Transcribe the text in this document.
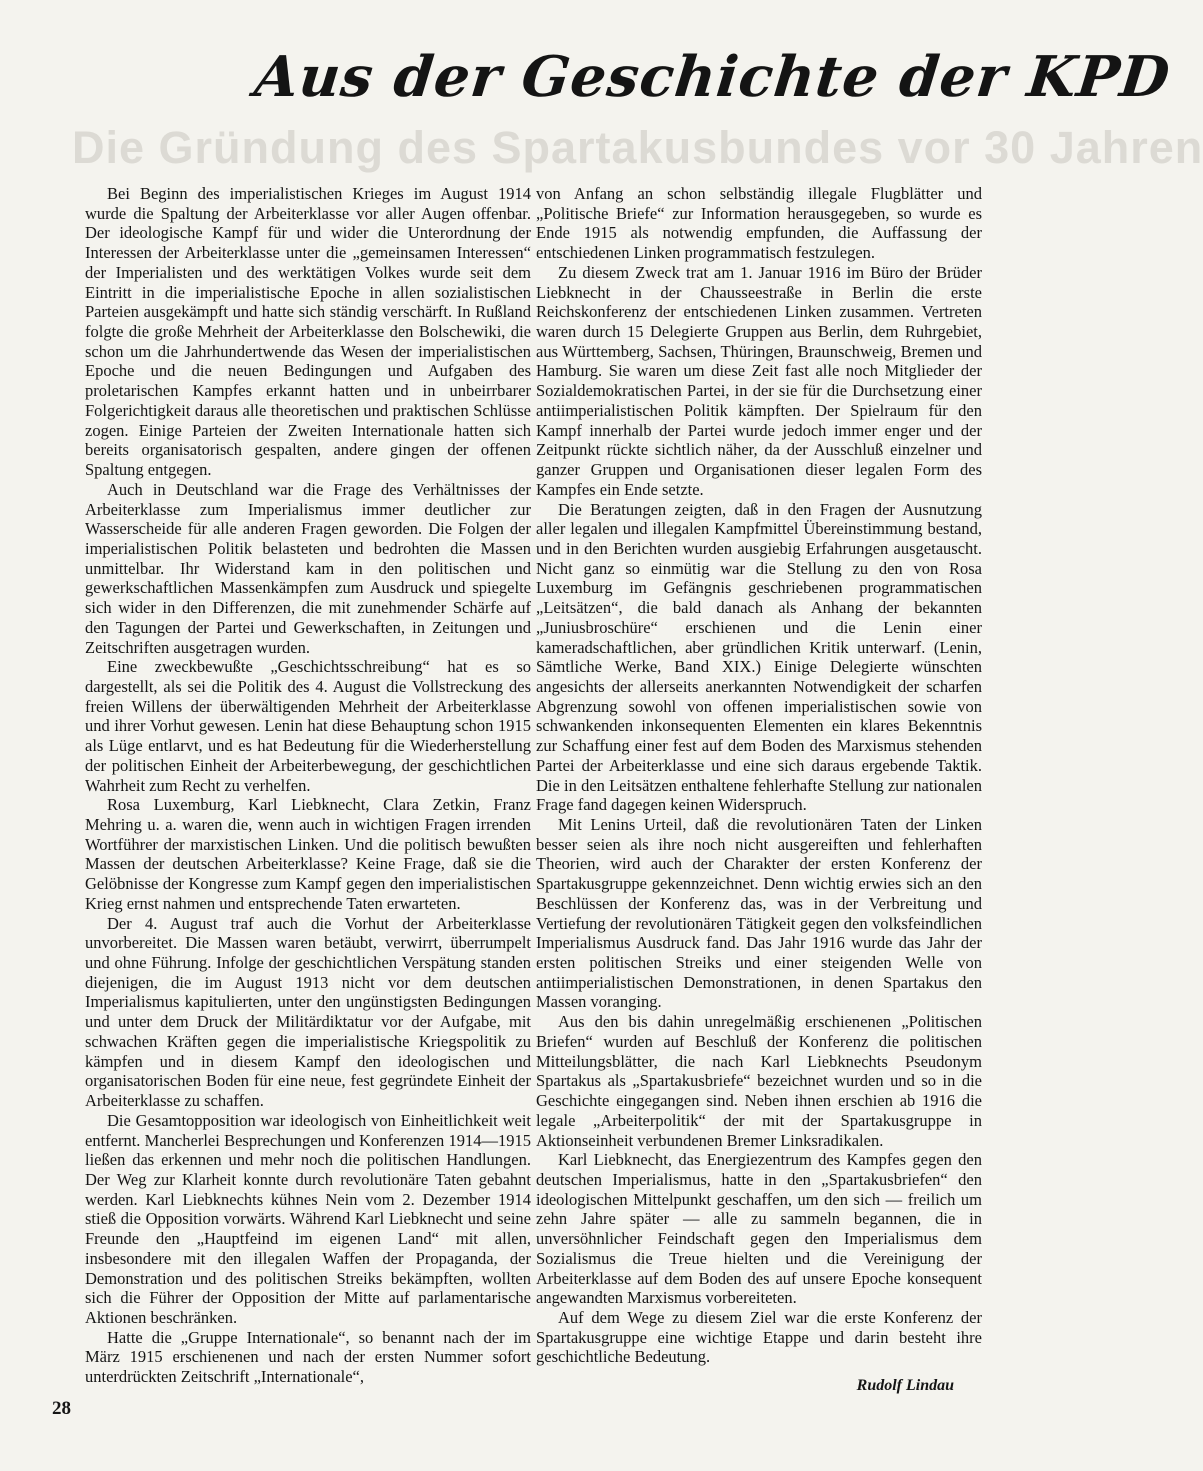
Aus der Geschichte der KPD
Die Gründung des Spartakusbundes vor 30 Jahren

Bei Beginn des imperialistischen Krieges im August 1914 wurde die Spaltung der Arbeiterklasse vor aller Augen offenbar. Der ideologische Kampf für und wider die Unterordnung der Interessen der Arbeiterklasse unter die „gemeinsamen Interessen“ der Imperialisten und des werktätigen Volkes wurde seit dem Eintritt in die imperialistische Epoche in allen sozialistischen Parteien ausgekämpft und hatte sich ständig verschärft. In Rußland folgte die große Mehrheit der Arbeiterklasse den Bolschewiki, die schon um die Jahrhundertwende das Wesen der imperialistischen Epoche und die neuen Bedingungen und Aufgaben des proletarischen Kampfes erkannt hatten und in unbeirrbarer Folgerichtigkeit daraus alle theoretischen und praktischen Schlüsse zogen. Einige Parteien der Zweiten Internationale hatten sich bereits organisatorisch gespalten, andere gingen der offenen Spaltung entgegen.

Auch in Deutschland war die Frage des Verhältnisses der Arbeiterklasse zum Imperialismus immer deutlicher zur Wasserscheide für alle anderen Fragen geworden. Die Folgen der imperialistischen Politik belasteten und bedrohten die Massen unmittelbar. Ihr Widerstand kam in den politischen und gewerkschaftlichen Massenkämpfen zum Ausdruck und spiegelte sich wider in den Differenzen, die mit zunehmender Schärfe auf den Tagungen der Partei und Gewerkschaften, in Zeitungen und Zeitschriften ausgetragen wurden.

Eine zweckbewußte „Geschichtsschreibung“ hat es so dargestellt, als sei die Politik des 4. August die Vollstreckung des freien Willens der überwältigenden Mehrheit der Arbeiterklasse und ihrer Vorhut gewesen. Lenin hat diese Behauptung schon 1915 als Lüge entlarvt, und es hat Bedeutung für die Wiederherstellung der politischen Einheit der Arbeiterbewegung, der geschichtlichen Wahrheit zum Recht zu verhelfen.

Rosa Luxemburg, Karl Liebknecht, Clara Zetkin, Franz Mehring u. a. waren die, wenn auch in wichtigen Fragen irrenden Wortführer der marxistischen Linken. Und die politisch bewußten Massen der deutschen Arbeiterklasse? Keine Frage, daß sie die Gelöbnisse der Kongresse zum Kampf gegen den imperialistischen Krieg ernst nahmen und entsprechende Taten erwarteten.

Der 4. August traf auch die Vorhut der Arbeiterklasse unvorbereitet. Die Massen waren betäubt, verwirrt, überrumpelt und ohne Führung. Infolge der geschichtlichen Verspätung standen diejenigen, die im August 1913 nicht vor dem deutschen Imperialismus kapitulierten, unter den ungünstigsten Bedingungen und unter dem Druck der Militärdiktatur vor der Aufgabe, mit schwachen Kräften gegen die imperialistische Kriegspolitik zu kämpfen und in diesem Kampf den ideologischen und organisatorischen Boden für eine neue, fest gegründete Einheit der Arbeiterklasse zu schaffen.

Die Gesamtopposition war ideologisch von Einheitlichkeit weit entfernt. Mancherlei Besprechungen und Konferenzen 1914—1915 ließen das erkennen und mehr noch die politischen Handlungen. Der Weg zur Klarheit konnte durch revolutionäre Taten gebahnt werden. Karl Liebknechts kühnes Nein vom 2. Dezember 1914 stieß die Opposition vorwärts. Während Karl Liebknecht und seine Freunde den „Hauptfeind im eigenen Land“ mit allen, insbesondere mit den illegalen Waffen der Propaganda, der Demonstration und des politischen Streiks bekämpften, wollten sich die Führer der Opposition der Mitte auf parlamentarische Aktionen beschränken.

Hatte die „Gruppe Internationale“, so benannt nach der im März 1915 erschienenen und nach der ersten Nummer sofort unterdrückten Zeitschrift „Internationale“,

von Anfang an schon selbständig illegale Flugblätter und „Politische Briefe“ zur Information herausgegeben, so wurde es Ende 1915 als notwendig empfunden, die Auffassung der entschiedenen Linken programmatisch festzulegen.

Zu diesem Zweck trat am 1. Januar 1916 im Büro der Brüder Liebknecht in der Chausseestraße in Berlin die erste Reichskonferenz der entschiedenen Linken zusammen. Vertreten waren durch 15 Delegierte Gruppen aus Berlin, dem Ruhrgebiet, aus Württemberg, Sachsen, Thüringen, Braunschweig, Bremen und Hamburg. Sie waren um diese Zeit fast alle noch Mitglieder der Sozialdemokratischen Partei, in der sie für die Durchsetzung einer antiimperialistischen Politik kämpften. Der Spielraum für den Kampf innerhalb der Partei wurde jedoch immer enger und der Zeitpunkt rückte sichtlich näher, da der Ausschluß einzelner und ganzer Gruppen und Organisationen dieser legalen Form des Kampfes ein Ende setzte.

Die Beratungen zeigten, daß in den Fragen der Ausnutzung aller legalen und illegalen Kampfmittel Übereinstimmung bestand, und in den Berichten wurden ausgiebig Erfahrungen ausgetauscht. Nicht ganz so einmütig war die Stellung zu den von Rosa Luxemburg im Gefängnis geschriebenen programmatischen „Leitsätzen“, die bald danach als Anhang der bekannten „Juniusbroschüre“ erschienen und die Lenin einer kameradschaftlichen, aber gründlichen Kritik unterwarf. (Lenin, Sämtliche Werke, Band XIX.) Einige Delegierte wünschten angesichts der allerseits anerkannten Notwendigkeit der scharfen Abgrenzung sowohl von offenen imperialistischen sowie von schwankenden inkonsequenten Elementen ein klares Bekenntnis zur Schaffung einer fest auf dem Boden des Marxismus stehenden Partei der Arbeiterklasse und eine sich daraus ergebende Taktik. Die in den Leitsätzen enthaltene fehlerhafte Stellung zur nationalen Frage fand dagegen keinen Widerspruch.

Mit Lenins Urteil, daß die revolutionären Taten der Linken besser seien als ihre noch nicht ausgereiften und fehlerhaften Theorien, wird auch der Charakter der ersten Konferenz der Spartakusgruppe gekennzeichnet. Denn wichtig erwies sich an den Beschlüssen der Konferenz das, was in der Verbreitung und Vertiefung der revolutionären Tätigkeit gegen den volksfeindlichen Imperialismus Ausdruck fand. Das Jahr 1916 wurde das Jahr der ersten politischen Streiks und einer steigenden Welle von antiimperialistischen Demonstrationen, in denen Spartakus den Massen voranging.

Aus den bis dahin unregelmäßig erschienenen „Politischen Briefen“ wurden auf Beschluß der Konferenz die politischen Mitteilungsblätter, die nach Karl Liebknechts Pseudonym Spartakus als „Spartakusbriefe“ bezeichnet wurden und so in die Geschichte eingegangen sind. Neben ihnen erschien ab 1916 die legale „Arbeiterpolitik“ der mit der Spartakusgruppe in Aktionseinheit verbundenen Bremer Linksradikalen.

Karl Liebknecht, das Energiezentrum des Kampfes gegen den deutschen Imperialismus, hatte in den „Spartakusbriefen“ den ideologischen Mittelpunkt geschaffen, um den sich — freilich um zehn Jahre später — alle zu sammeln begannen, die in unversöhnlicher Feindschaft gegen den Imperialismus dem Sozialismus die Treue hielten und die Vereinigung der Arbeiterklasse auf dem Boden des auf unsere Epoche konsequent angewandten Marxismus vorbereiteten.

Auf dem Wege zu diesem Ziel war die erste Konferenz der Spartakusgruppe eine wichtige Etappe und darin besteht ihre geschichtliche Bedeutung.

Rudolf Lindau
28
